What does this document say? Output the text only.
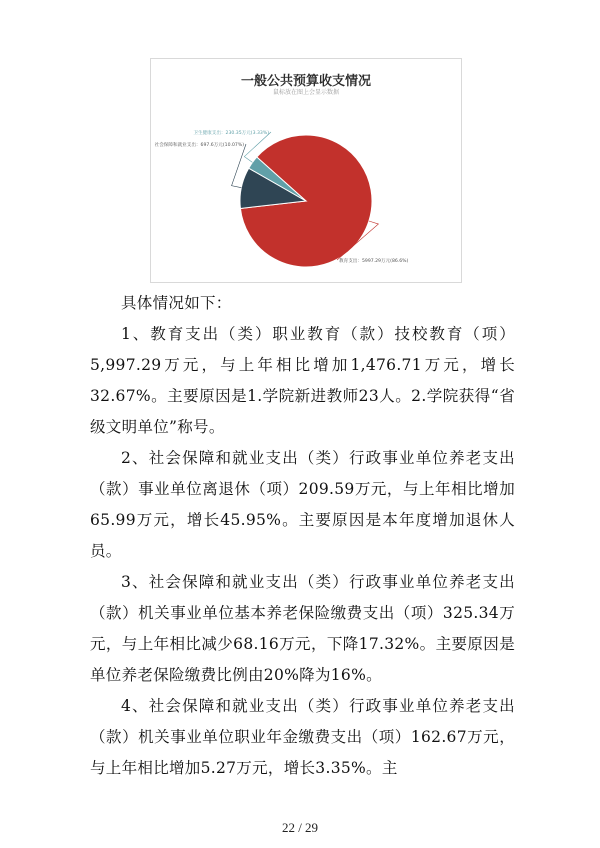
一般公共预算收支情况
鼠标放在图上会显示数据
教育支出：5997.29万元(86.6%)
社会保障和就业支出：697.6万元(10.07%)
卫生健康支出：230.35万元(3.33%)

具体情况如下：

1、教育支出（类）职业教育（款）技校教育（项）5,997.29万元，与上年相比增加1,476.71万元，增长32.67%。主要原因是1.学院新进教师23人。2.学院获得“省级文明单位”称号。

2、社会保障和就业支出（类）行政事业单位养老支出（款）事业单位离退休（项）209.59万元，与上年相比增加65.99万元，增长45.95%。主要原因是本年度增加退休人员。

3、社会保障和就业支出（类）行政事业单位养老支出（款）机关事业单位基本养老保险缴费支出（项）325.34万元，与上年相比减少68.16万元，下降17.32%。主要原因是单位养老保险缴费比例由20%降为16%。

4、社会保障和就业支出（类）行政事业单位养老支出（款）机关事业单位职业年金缴费支出（项）162.67万元，与上年相比增加5.27万元，增长3.35%。主

22 / 29
